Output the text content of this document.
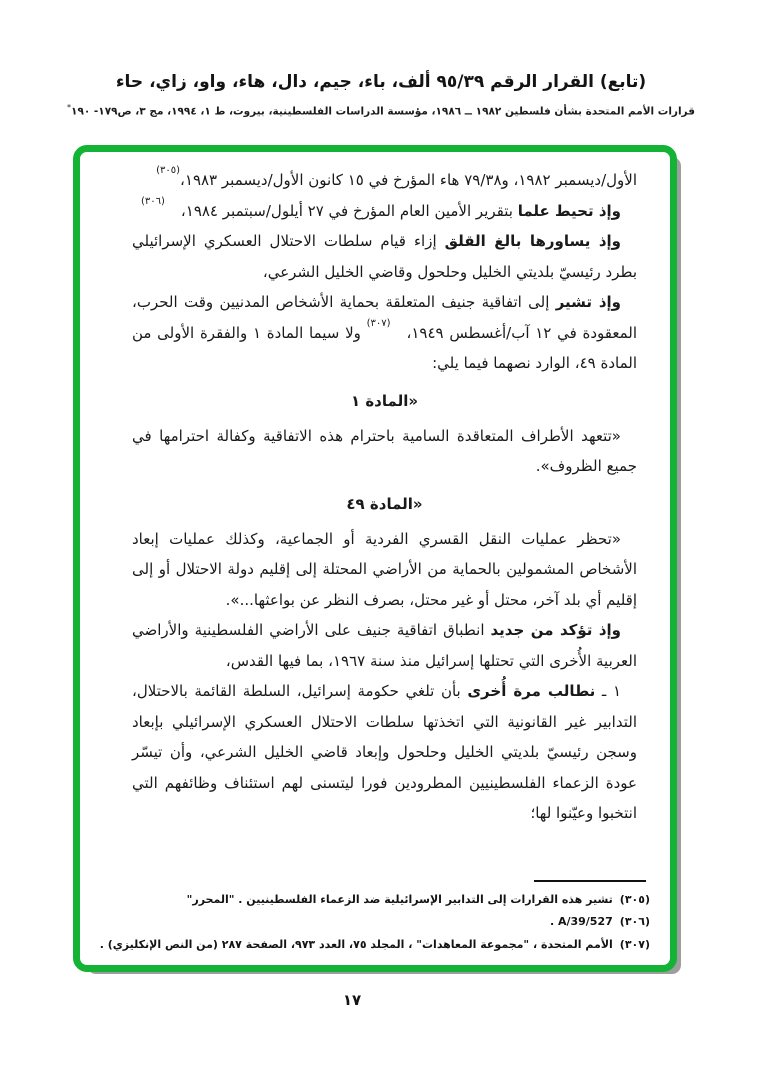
(تابع) القرار الرقم ٩٥/٣٩ ألف، باء، جيم، دال، هاء، واو، زاي، حاء
قرارات الأمم المتحدة بشأن فلسطين ١٩٨٢ ــ ١٩٨٦، مؤسسة الدراسات الفلسطينية، بيروت، ط ١، ١٩٩٤، مج ٣، ص١٧٩- ١٩٠*

الأول/ديسمبر ١٩٨٢، و٧٩/٣٨ هاء المؤرخ في ١٥ كانون الأول/ديسمبر ١٩٨٣،$^{(٣٠٥)}$

وإذ تحيط علما بتقرير الأمين العام المؤرخ في ٢٧ أيلول/سبتمبر ١٩٨٤،$^{(٣٠٦)}$

وإذ يساورها بالغ القلق إزاء قيام سلطات الاحتلال العسكري الإسرائيلي بطرد رئيسيّ بلديتي الخليل وحلحول وقاضي الخليل الشرعي،

وإذ تشير إلى اتفاقية جنيف المتعلقة بحماية الأشخاص المدنيين وقت الحرب، المعقودة في ١٢ آب/أغسطس ١٩٤٩،$^{(٣٠٧)}$ ولا سيما المادة ١ والفقرة الأولى من المادة ٤٩، الوارد نصهما فيما يلي:

«المادة ١

«تتعهد الأطراف المتعاقدة السامية باحترام هذه الاتفاقية وكفالة احترامها في جميع الظروف».

«المادة ٤٩

«تحظر عمليات النقل القسري الفردية أو الجماعية، وكذلك عمليات إبعاد الأشخاص المشمولين بالحماية من الأراضي المحتلة إلى إقليم دولة الاحتلال أو إلى إقليم أي بلد آخر، محتل أو غير محتل، بصرف النظر عن بواعثها...».

وإذ تؤكد من جديد انطباق اتفاقية جنيف على الأراضي الفلسطينية والأراضي العربية الأُخرى التي تحتلها إسرائيل منذ سنة ١٩٦٧، بما فيها القدس،

١ ـ نطالب مرة أُخرى بأن تلغي حكومة إسرائيل، السلطة القائمة بالاحتلال، التدابير غير القانونية التي اتخذتها سلطات الاحتلال العسكري الإسرائيلي بإبعاد وسجن رئيسيّ بلديتي الخليل وحلحول وإبعاد قاضي الخليل الشرعي، وأن تيسّر عودة الزعماء الفلسطينيين المطرودين فورا ليتسنى لهم استئناف وظائفهم التي انتخبوا وعيّنوا لها؛

(٣٠٥)تشير هذه القرارات إلى التدابير الإسرائيلية ضد الزعماء الفلسطينيين . "المحرر"
(٣٠٦)A/39/527 .
(٣٠٧)الأمم المتحدة ، "مجموعة المعاهدات" ، المجلد ٧٥، العدد ٩٧٣، الصفحة ٢٨٧ (من النص الإنكليزي) .
١٧
